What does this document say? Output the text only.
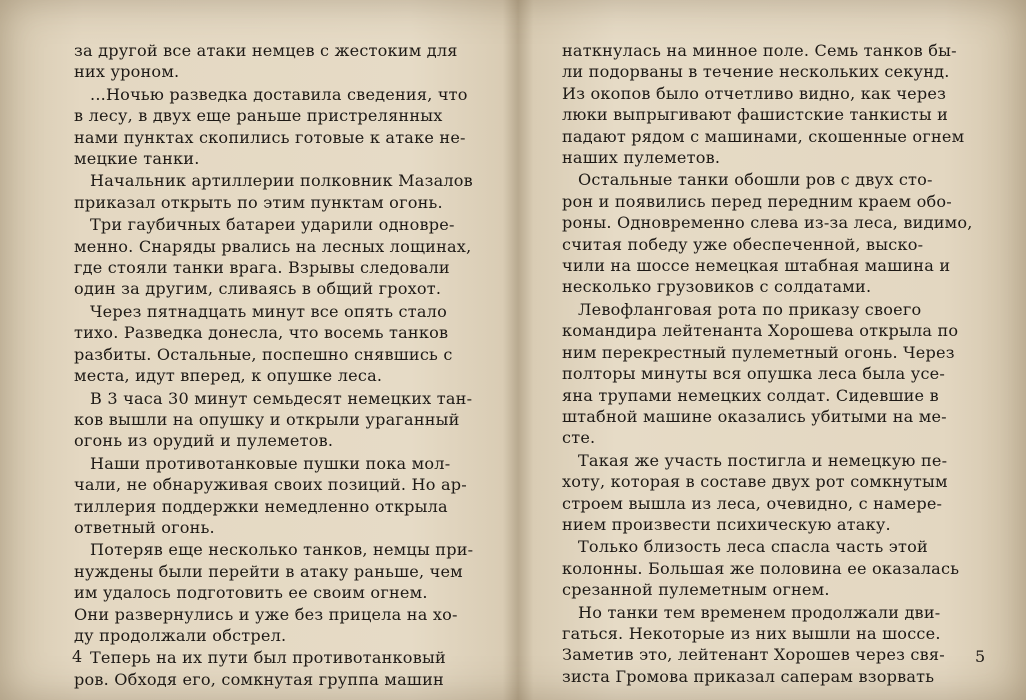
за другой все атаки немцев с жестоким для
них уроном.

...Ночью разведка доставила сведения, что
в лесу, в двух еще раньше пристрелянных
нами пунктах скопились готовые к атаке не-
мецкие танки.

Начальник артиллерии полковник Мазалов
приказал открыть по этим пунктам огонь.

Три гаубичных батареи ударили одновре-
менно. Снаряды рвались на лесных лощинах,
где стояли танки врага. Взрывы следовали
один за другим, сливаясь в общий грохот.

Через пятнадцать минут все опять стало
тихо. Разведка донесла, что восемь танков
разбиты. Остальные, поспешно снявшись с
места, идут вперед, к опушке леса.

В 3 часа 30 минут семьдесят немецких тан-
ков вышли на опушку и открыли ураганный
огонь из орудий и пулеметов.

Наши противотанковые пушки пока мол-
чали, не обнаруживая своих позиций. Но ар-
тиллерия поддержки немедленно открыла
ответный огонь.

Потеряв еще несколько танков, немцы при-
нуждены были перейти в атаку раньше, чем
им удалось подготовить ее своим огнем.
Они развернулись и уже без прицела на хо-
ду продолжали обстрел.

Теперь на их пути был противотанковый
ров. Обходя его, сомкнутая группа машин

наткнулась на минное поле. Семь танков бы-
ли подорваны в течение нескольких секунд.
Из окопов было отчетливо видно, как через
люки выпрыгивают фашистские танкисты и
падают рядом с машинами, скошенные огнем
наших пулеметов.

Остальные танки обошли ров с двух сто-
рон и появились перед передним краем обо-
роны. Одновременно слева из-за леса, видимо,
считая победу уже обеспеченной, выско-
чили на шоссе немецкая штабная машина и
несколько грузовиков с солдатами.

Левофланговая рота по приказу своего
командира лейтенанта Хорошева открыла по
ним перекрестный пулеметный огонь. Через
полторы минуты вся опушка леса была усе-
яна трупами немецких солдат. Сидевшие в
штабной машине оказались убитыми на ме-
сте.

Такая же участь постигла и немецкую пе-
хоту, которая в составе двух рот сомкнутым
строем вышла из леса, очевидно, с намере-
нием произвести психическую атаку.

Только близость леса спасла часть этой
колонны. Большая же половина ее оказалась
срезанной пулеметным огнем.

Но танки тем временем продолжали дви-
гаться. Некоторые из них вышли на шоссе.
Заметив это, лейтенант Хорошев через свя-
зиста Громова приказал саперам взорвать

4	5
